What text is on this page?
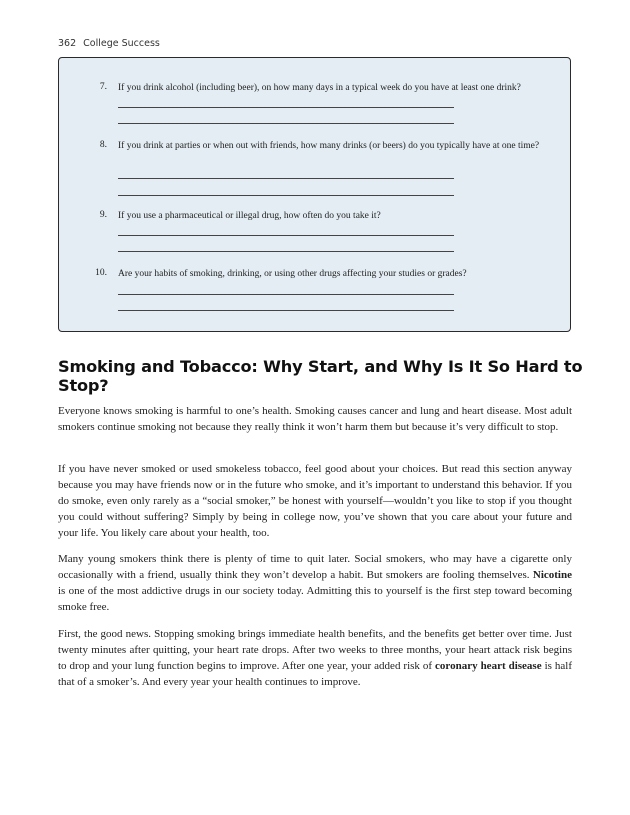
362 College Success
7. If you drink alcohol (including beer), on how many days in a typical week do you have at least one drink?
8. If you drink at parties or when out with friends, how many drinks (or beers) do you typically have at one time?
9. If you use a pharmaceutical or illegal drug, how often do you take it?
10. Are your habits of smoking, drinking, or using other drugs affecting your studies or grades?
Smoking and Tobacco: Why Start, and Why Is It So Hard to Stop?

Everyone knows smoking is harmful to one’s health. Smoking causes cancer and lung and heart disease. Most adult smokers continue smoking not because they really think it won’t harm them but because it’s very difficult to stop.

If you have never smoked or used smokeless tobacco, feel good about your choices. But read this section anyway because you may have friends now or in the future who smoke, and it’s important to understand this behavior. If you do smoke, even only rarely as a “social smoker,” be honest with yourself—wouldn’t you like to stop if you thought you could without suffering? Simply by being in college now, you’ve shown that you care about your future and your life. You likely care about your health, too.

Many young smokers think there is plenty of time to quit later. Social smokers, who may have a cigarette only occasionally with a friend, usually think they won’t develop a habit. But smokers are fooling themselves. Nicotine is one of the most addictive drugs in our society today. Admitting this to yourself is the first step toward becoming smoke free.

First, the good news. Stopping smoking brings immediate health benefits, and the benefits get better over time. Just twenty minutes after quitting, your heart rate drops. After two weeks to three months, your heart attack risk begins to drop and your lung function begins to improve. After one year, your added risk of coronary heart disease is half that of a smoker’s. And every year your health continues to improve.
